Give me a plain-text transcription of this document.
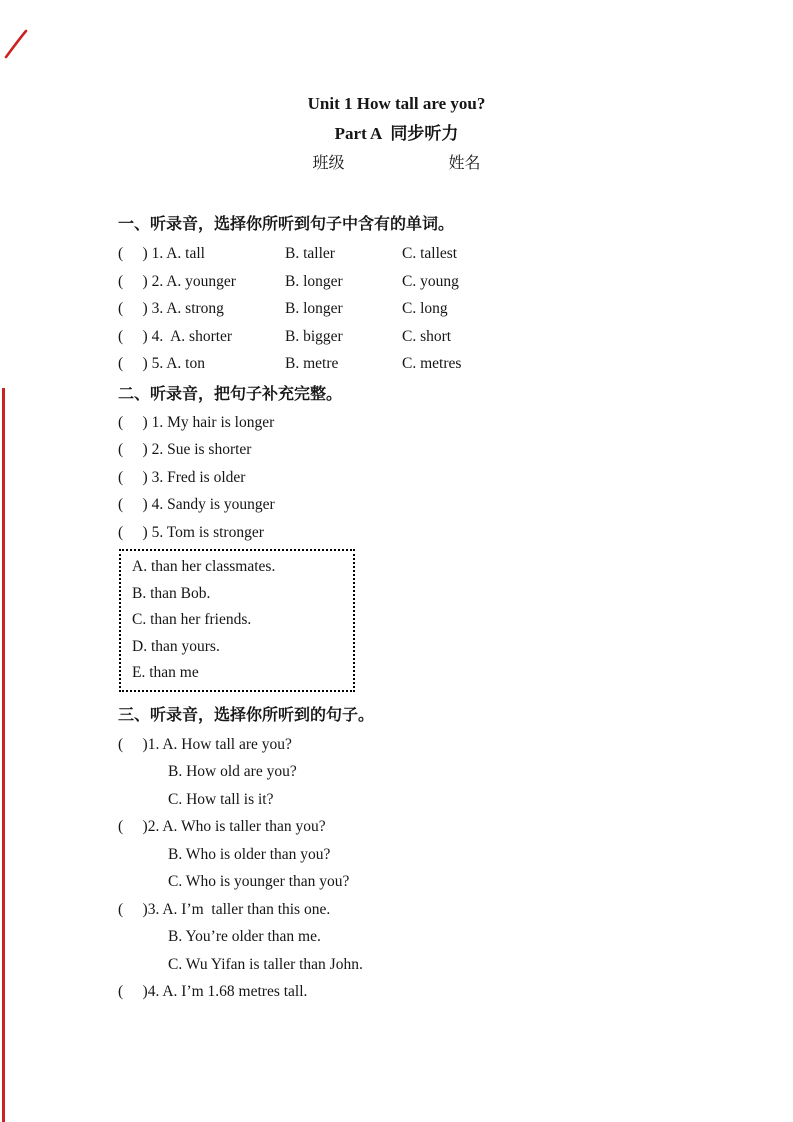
Unit 1 How tall are you?
Part A 同步听力
班级	姓名
一、听录音，选择你所听到句子中含有的单词。
(     ) 1. A. tall	B. taller	C. tallest
(     ) 2. A. younger	B. longer	C. young
(     ) 3. A. strong	B. longer	C. long
(     ) 4.  A. shorter	B. bigger	C. short
(     ) 5. A. ton	B. metre	C. metres
二、听录音，把句子补充完整。
(     ) 1. My hair is longer
(     ) 2. Sue is shorter
(     ) 3. Fred is older
(     ) 4. Sandy is younger
(     ) 5. Tom is stronger
A. than her classmates.
B. than Bob.
C. than her friends.
D. than yours.
E. than me
三、听录音，选择你所听到的句子。
(     )1. A. How tall are you?
B. How old are you?
C. How tall is it?
(     )2. A. Who is taller than you?
B. Who is older than you?
C. Who is younger than you?
(     )3. A. I’m  taller than this one.
B. You’re older than me.
C. Wu Yifan is taller than John.
(     )4. A. I’m 1.68 metres tall.
